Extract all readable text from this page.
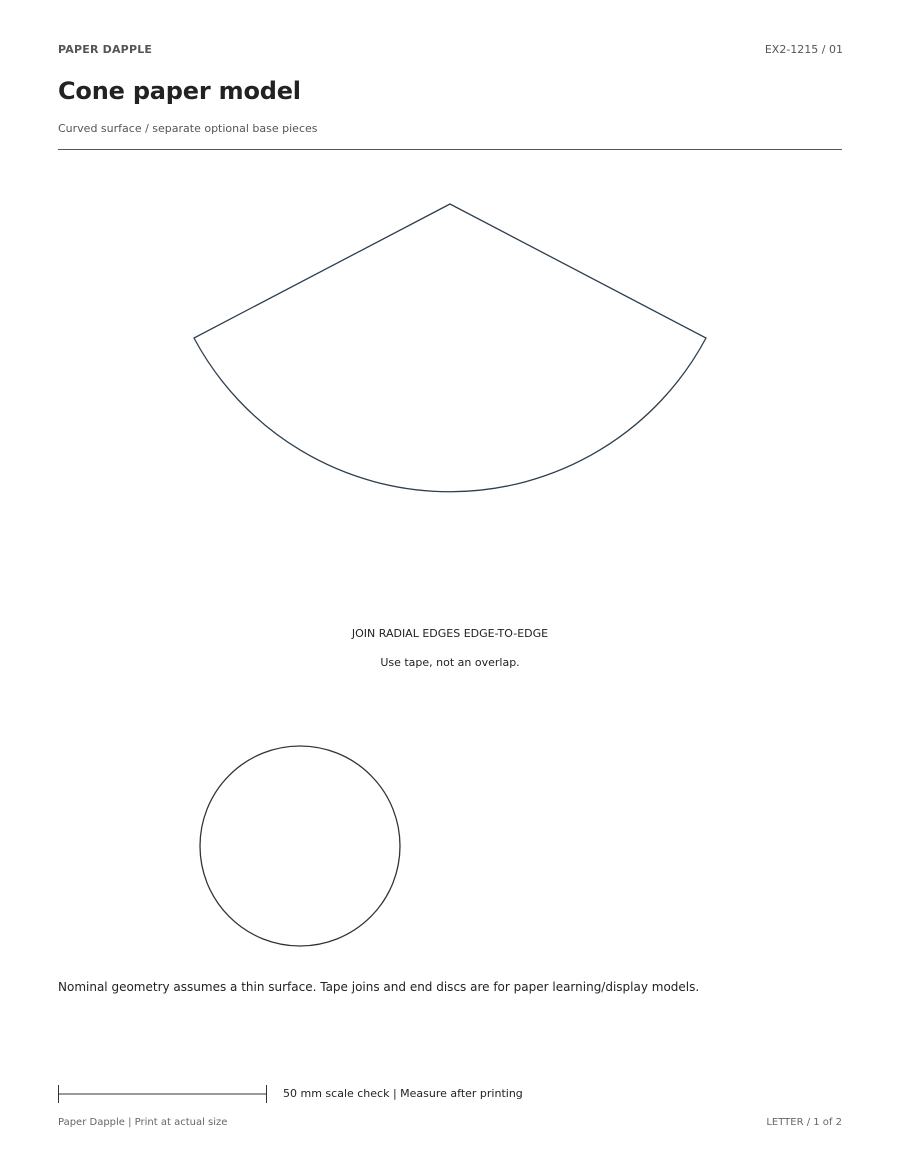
PAPER DAPPLE	EX2-1215 / 01
Cone paper model
Curved surface / separate optional base pieces
JOIN RADIAL EDGES EDGE-TO-EDGE
Use tape, not an overlap.
Nominal geometry assumes a thin surface. Tape joins and end discs are for paper learning/display models.
50 mm scale check | Measure after printing
Paper Dapple | Print at actual size	LETTER / 1 of 2
